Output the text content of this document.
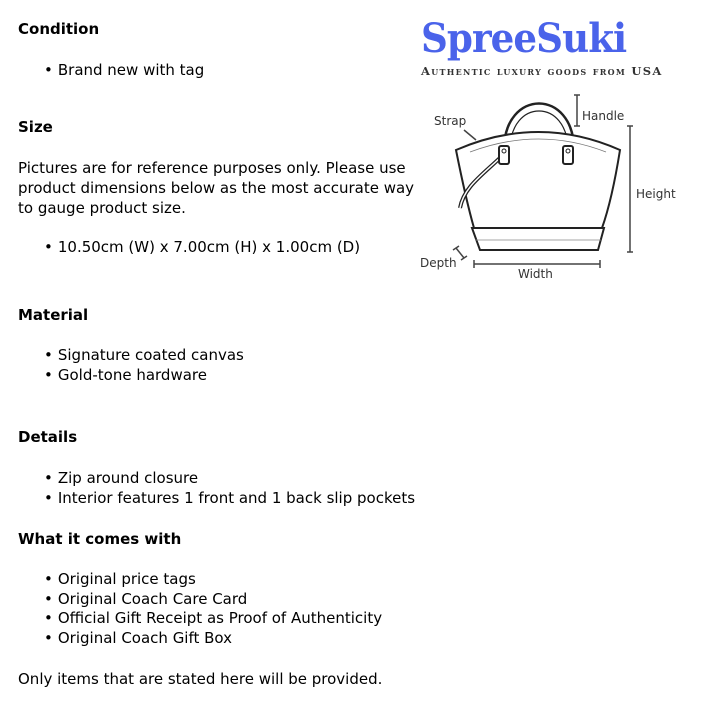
SpreeSuki
Authentic luxury goods from USA
Strap	Handle
Height
Depth
Width
Condition
• Brand new with tag
Size
Pictures are for reference purposes only. Please use product dimensions below as the most accurate way to gauge product size.
• 10.50cm (W) x 7.00cm (H) x 1.00cm (D)
Material
• Signature coated canvas
• Gold-tone hardware
Details
• Zip around closure
• Interior features 1 front and 1 back slip pockets
What it comes with
• Original price tags
• Original Coach Care Card
• Official Gift Receipt as Proof of Authenticity
• Original Coach Gift Box
Only items that are stated here will be provided.
